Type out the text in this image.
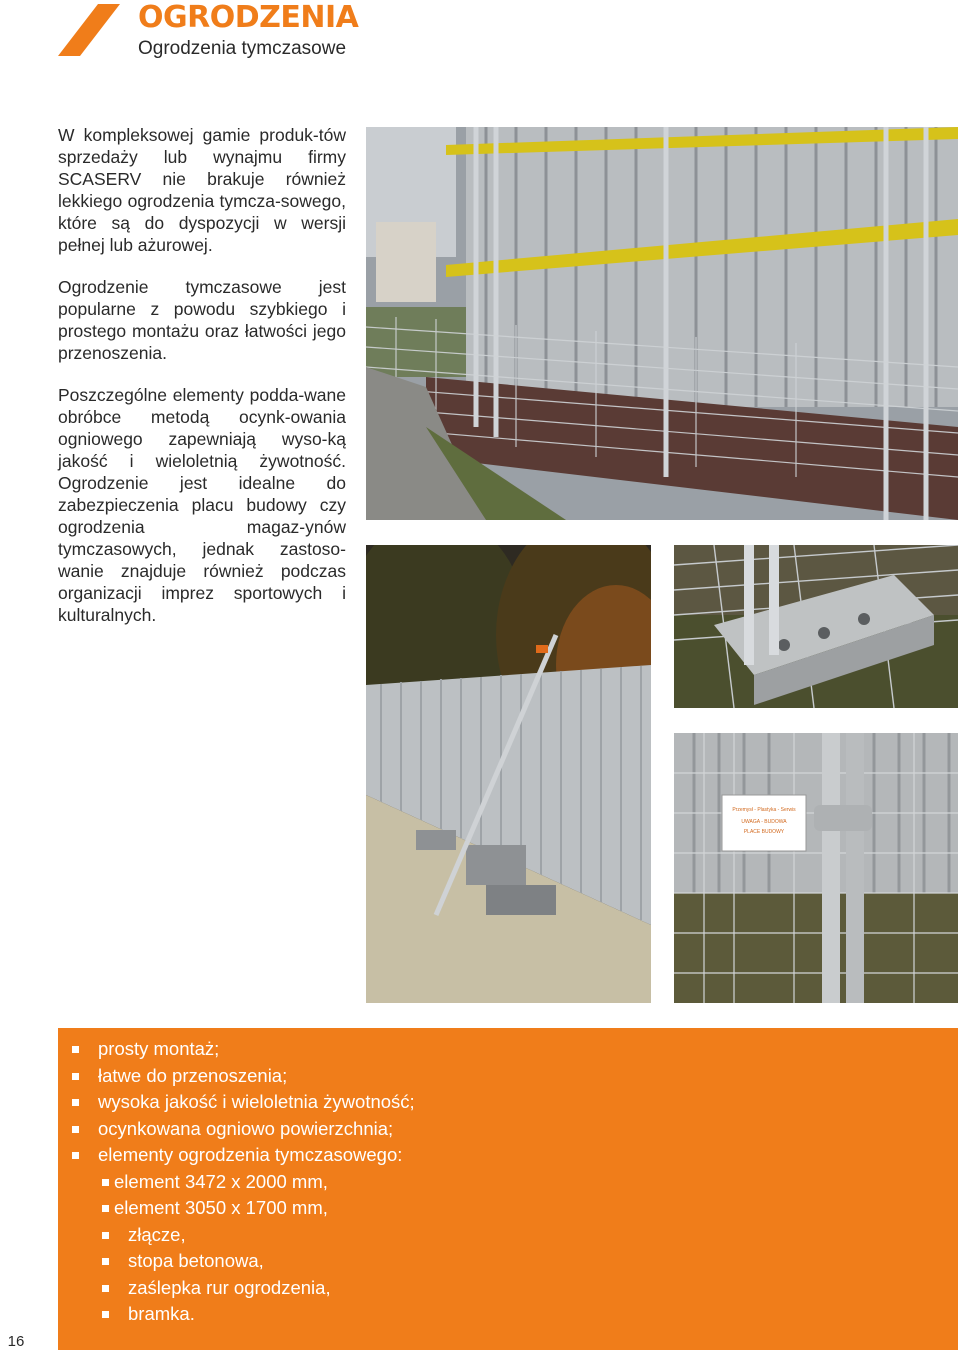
OGRODZENIA
Ogrodzenia tymczasowe

W kompleksowej gamie produk-tów sprzedaży lub wynajmu firmy SCASERV nie brakuje również lekkiego ogrodzenia tymcza-sowego, które są do dyspozycji w wersji pełnej lub ażurowej.

Ogrodzenie tymczasowe jest popularne z powodu szybkiego i prostego montażu oraz łatwości jego przenoszenia.

Poszczególne elementy podda-wane obróbce metodą ocynk-owania ogniowego zapewniają wyso-ką jakość i wieloletnią żywotność. Ogrodzenie jest idealne do zabezpieczenia placu budowy czy ogrodzenia magaz-ynów tymczasowych, jednak zastoso-wanie znajduje również podczas organizacji imprez sportowych i kulturalnych.

Przemysł - Plastyka - Serwis
UWAGA - BUDOWA
PLACE BUDOWY
prosty montaż;
łatwe do przenoszenia;
wysoka jakość i wieloletnia żywotność;
ocynkowana ogniowo powierzchnia;
elementy ogrodzenia tymczasowego:
element 3472 x 2000 mm,
element 3050 x 1700 mm,
złącze,
stopa betonowa,
zaślepka rur ogrodzenia,
bramka.
16
